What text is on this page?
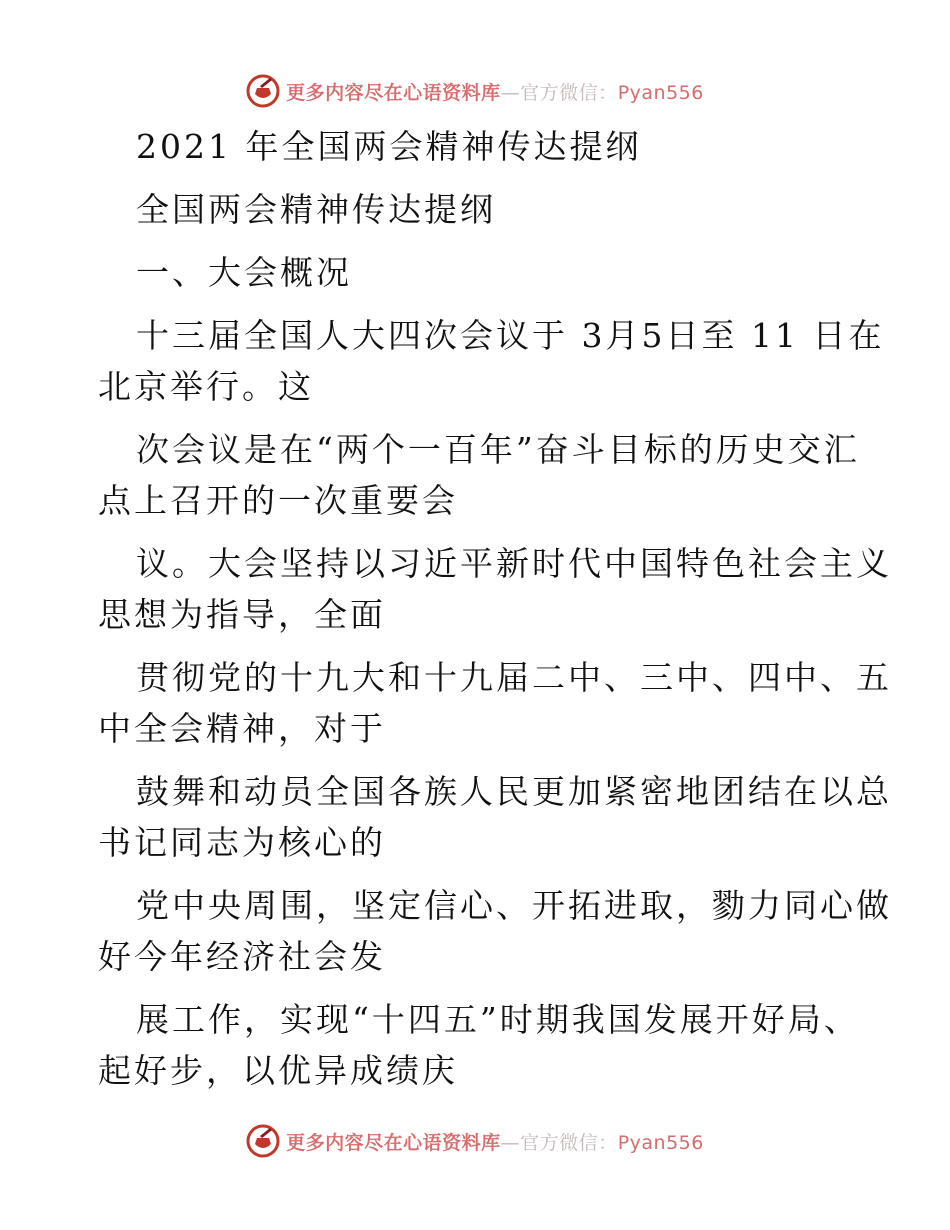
更多内容尽在心语资料库—官方微信：Pyan556
2021 年全国两会精神传达提纲
全国两会精神传达提纲
一、大会概况
十三届全国人大四次会议于 3月5日至 11 日在
北京举行。这
次会议是在“两个一百年”奋斗目标的历史交汇
点上召开的一次重要会
议。大会坚持以习近平新时代中国特色社会主义
思想为指导，全面
贯彻党的十九大和十九届二中、三中、四中、五
中全会精神，对于
鼓舞和动员全国各族人民更加紧密地团结在以总
书记同志为核心的
党中央周围，坚定信心、开拓进取，勠力同心做
好今年经济社会发
展工作，实现“十四五”时期我国发展开好局、
起好步，以优异成绩庆
更多内容尽在心语资料库—官方微信：Pyan556
